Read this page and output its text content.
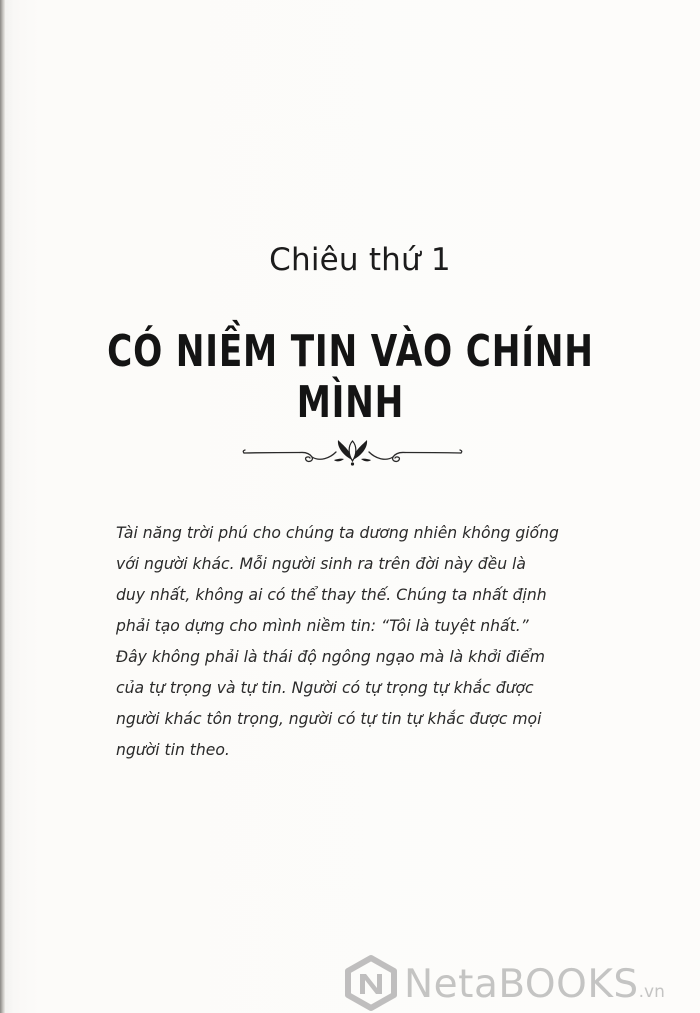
Chiêu thứ 1
CÓ NIỀM TIN VÀO CHÍNH MÌNH

Tài năng trời phú cho chúng ta dương nhiên không giống
với người khác. Mỗi người sinh ra trên đời này đều là
duy nhất, không ai có thể thay thế. Chúng ta nhất định
phải tạo dựng cho mình niềm tin: “Tôi là tuyệt nhất.”
Đây không phải là thái độ ngông ngạo mà là khởi điểm
của tự trọng và tự tin. Người có tự trọng tự khắc được
người khác tôn trọng, người có tự tin tự khắc được mọi
người tin theo.

NetaBOOKS.vn
